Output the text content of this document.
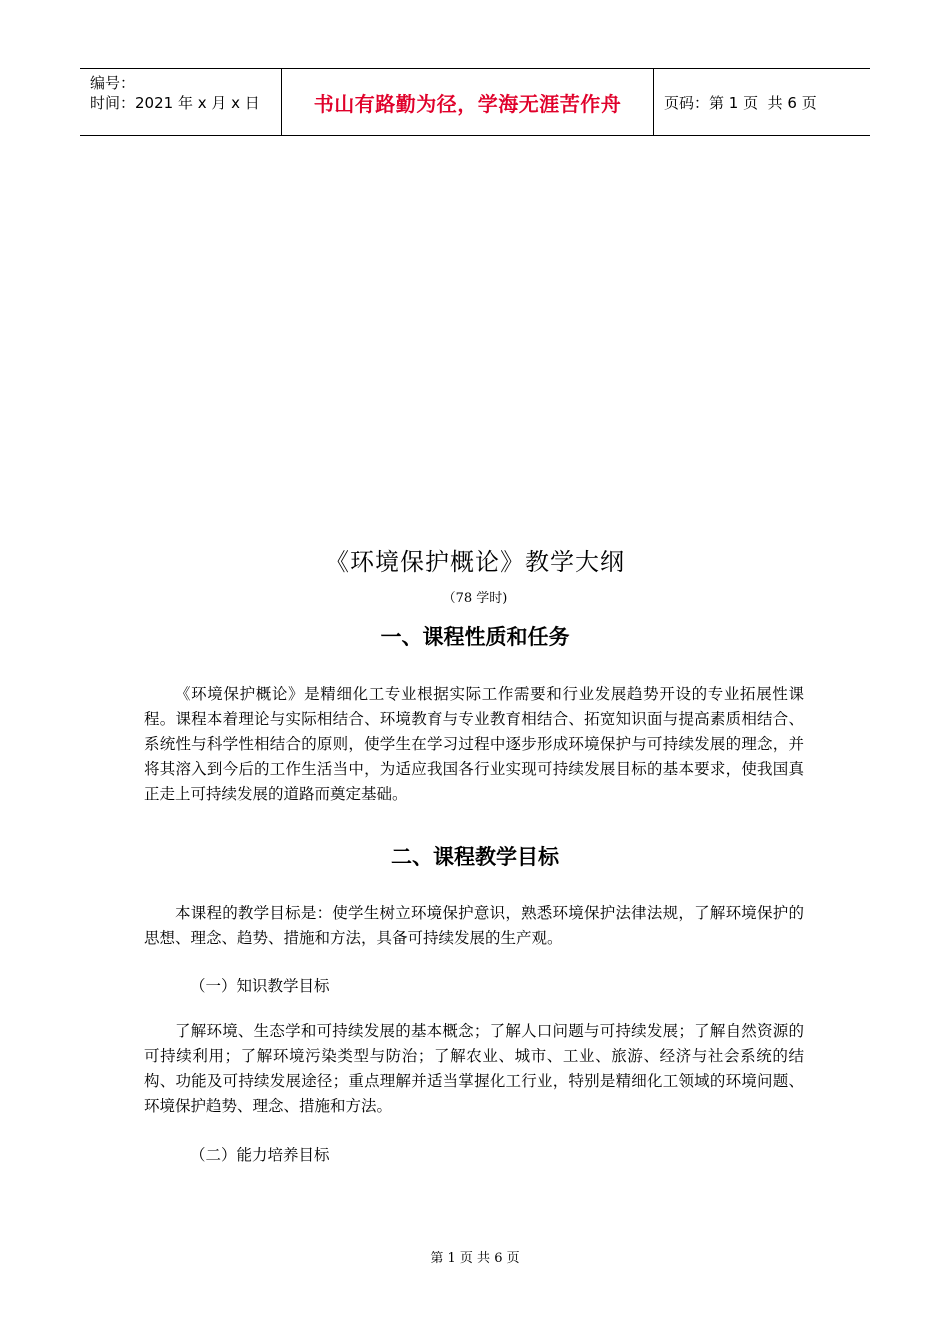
编号：
时间：2021 年 x 月 x 日	书山有路勤为径，学海无涯苦作舟	页码：第 1 页  共 6 页
《环境保护概论》教学大纲
（78 学时)
一、课程性质和任务
《环境保护概论》是精细化工专业根据实际工作需要和行业发展趋势开设的专业拓展性课程。课程本着理论与实际相结合、环境教育与专业教育相结合、拓宽知识面与提高素质相结合、系统性与科学性相结合的原则，使学生在学习过程中逐步形成环境保护与可持续发展的理念，并将其溶入到今后的工作生活当中，为适应我国各行业实现可持续发展目标的基本要求，使我国真正走上可持续发展的道路而奠定基础。
二、课程教学目标
本课程的教学目标是：使学生树立环境保护意识，熟悉环境保护法律法规，了解环境保护的思想、理念、趋势、措施和方法，具备可持续发展的生产观。
（一）知识教学目标
了解环境、生态学和可持续发展的基本概念；了解人口问题与可持续发展；了解自然资源的可持续利用；了解环境污染类型与防治；了解农业、城市、工业、旅游、经济与社会系统的结构、功能及可持续发展途径；重点理解并适当掌握化工行业，特别是精细化工领域的环境问题、环境保护趋势、理念、措施和方法。
（二）能力培养目标
第 1 页 共 6 页
